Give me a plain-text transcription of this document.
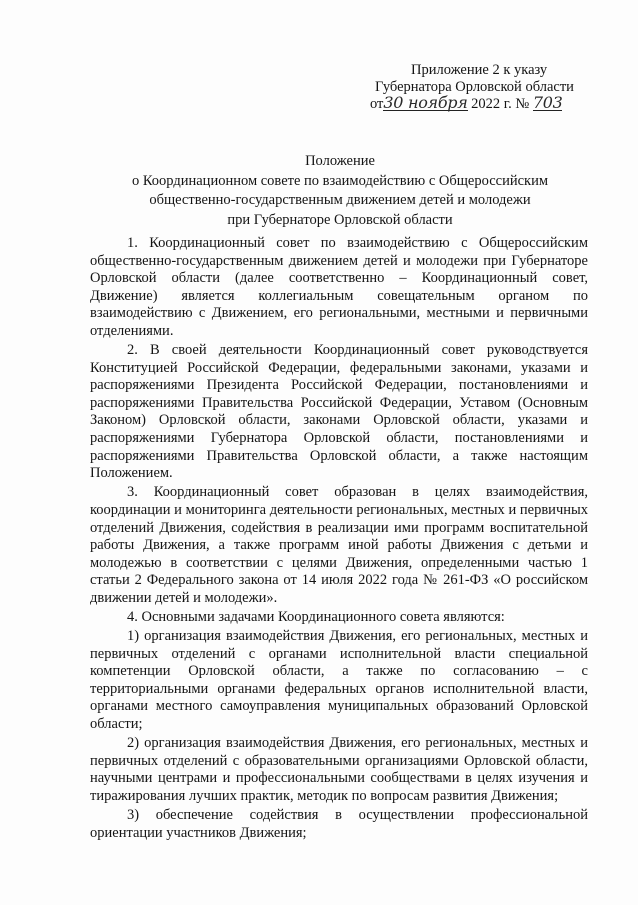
Приложение 2 к указу
Губернатора Орловской области
от30 ноября 2022 г. № 703
Положение
о Координационном совете по взаимодействию с Общероссийским
общественно-государственным движением детей и молодежи
при Губернаторе Орловской области

1. Координационный совет по взаимодействию с Общероссийским общественно-государственным движением детей и молодежи при Губернаторе Орловской области (далее соответственно – Координационный совет, Движение) является коллегиальным совещательным органом по взаимодействию с Движением, его региональными, местными и первичными отделениями.

2. В своей деятельности Координационный совет руководствуется Конституцией Российской Федерации, федеральными законами, указами и распоряжениями Президента Российской Федерации, постановлениями и распоряжениями Правительства Российской Федерации, Уставом (Основным Законом) Орловской области, законами Орловской области, указами и распоряжениями Губернатора Орловской области, постановлениями и распоряжениями Правительства Орловской области, а также настоящим Положением.

3. Координационный совет образован в целях взаимодействия, координации и мониторинга деятельности региональных, местных и первичных отделений Движения, содействия в реализации ими программ воспитательной работы Движения, а также программ иной работы Движения с детьми и молодежью в соответствии с целями Движения, определенными частью 1 статьи 2 Федерального закона от 14 июля 2022 года № 261-ФЗ «О российском движении детей и молодежи».

4. Основными задачами Координационного совета являются:

1) организация взаимодействия Движения, его региональных, местных и первичных отделений с органами исполнительной власти специальной компетенции Орловской области, а также по согласованию – с территориальными органами федеральных органов исполнительной власти, органами местного самоуправления муниципальных образований Орловской области;

2) организация взаимодействия Движения, его региональных, местных и первичных отделений с образовательными организациями Орловской области, научными центрами и профессиональными сообществами в целях изучения и тиражирования лучших практик, методик по вопросам развития Движения;

3) обеспечение содействия в осуществлении профессиональной ориентации участников Движения;
